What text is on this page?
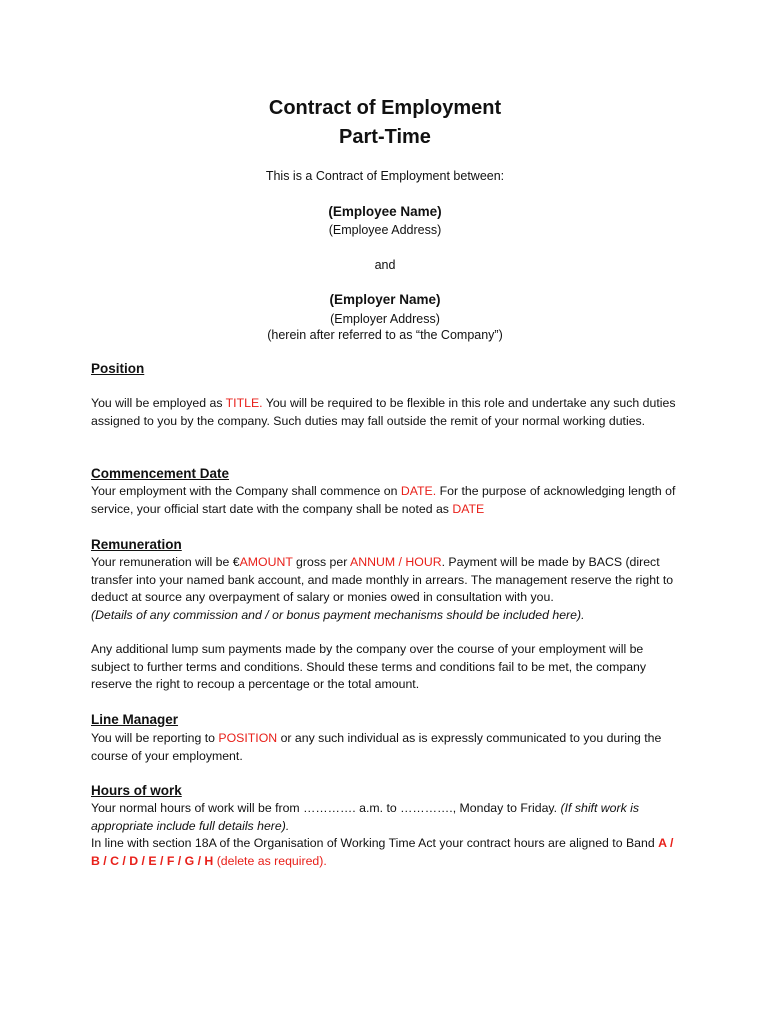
Contract of Employment
Part-Time
This is a Contract of Employment between:
(Employee Name)
(Employee Address)
and
(Employer Name)
(Employer Address)
(herein after referred to as “the Company”)
Position
You will be employed as TITLE. You will be required to be flexible in this role and undertake any such duties assigned to you by the company. Such duties may fall outside the remit of your normal working duties.
Commencement Date
Your employment with the Company shall commence on DATE. For the purpose of acknowledging length of service, your official start date with the company shall be noted as DATE
Remuneration
Your remuneration will be €AMOUNT gross per ANNUM / HOUR. Payment will be made by BACS (direct transfer into your named bank account, and made monthly in arrears. The management reserve the right to deduct at source any overpayment of salary or monies owed in consultation with you.
(Details of any commission and / or bonus payment mechanisms should be included here).
Any additional lump sum payments made by the company over the course of your employment will be subject to further terms and conditions. Should these terms and conditions fail to be met, the company reserve the right to recoup a percentage or the total amount.
Line Manager
You will be reporting to POSITION or any such individual as is expressly communicated to you during the course of your employment.
Hours of work
Your normal hours of work will be from …………. a.m. to …………., Monday to Friday. (If shift work is appropriate include full details here).
In line with section 18A of the Organisation of Working Time Act your contract hours are aligned to Band A / B / C / D / E / F / G / H (delete as required).
